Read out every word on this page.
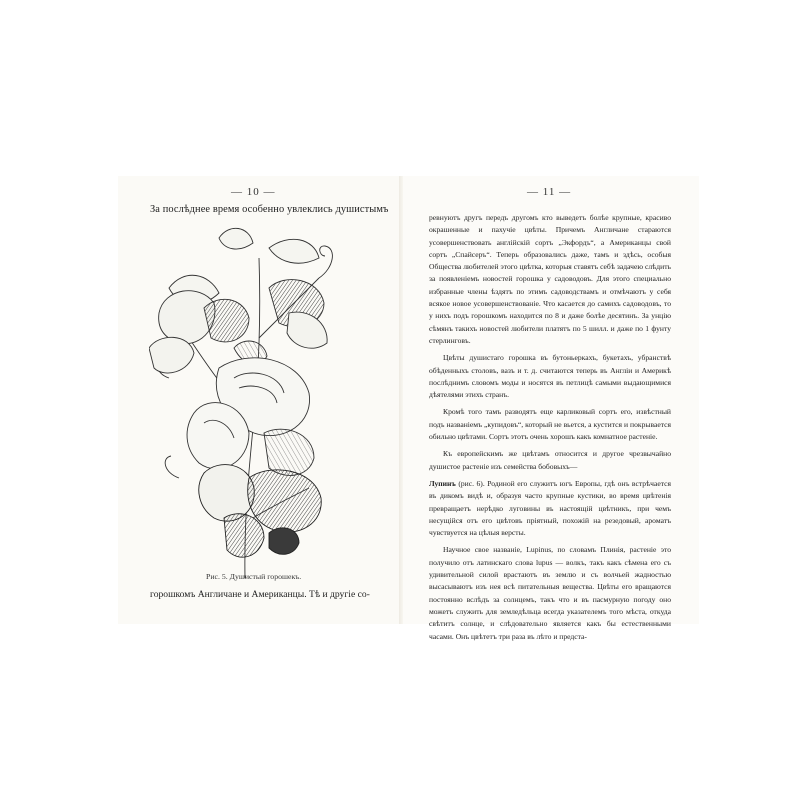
— 10 —
За послѣднее время особенно увлеклись душистымъ
Рис. 5. Душистый горошекъ.
горошкомъ Англичане и Американцы. Тѣ и другіе со-
— 11 —

ревнуютъ другъ передъ другомъ кто выведетъ болѣе крупные, красиво окрашенные и пахучіе цвѣты. Причемъ Англичане стараются усовершенствовать англійскій сортъ „Экфордъ“, а Американцы свой сортъ „Спайсеръ“. Теперь образовались даже, тамъ и здѣсь, особыя Общества любителей этого цвѣтка, которыя ставятъ себѣ задачею слѣдить за появленіемъ новостей горошка у садоводовъ. Для этого специально избранные члены ѣздятъ по этимъ садоводствамъ и отмѣчаютъ у себя всякое новое усовершенствованіе. Что касается до самихъ садоводовъ, то у нихъ подъ горошкомъ находится по 8 и даже болѣе десятинъ. За унцію сѣмянъ такихъ новостей любители платятъ по 5 шилл. и даже по 1 фунту стерлинговъ.

Цвѣты душистаго горошка въ бутоньеркахъ, букетахъ, убранствѣ обѣденныхъ столовъ, вазъ и т. д. считаются теперь въ Англіи и Америкѣ послѣднимъ словомъ моды и носятся въ петлицѣ самыми выдающимися дѣятелями этихъ странъ.

Кромѣ того тамъ разводятъ еще карликовый сортъ его, извѣстный подъ названіемъ „купидовъ“, который не вьется, а кустится и покрывается обильно цвѣтами. Сортъ этотъ очень хорошъ какъ комнатное растеніе.

Къ европейскимъ же цвѣтамъ относится и другое чрезвычайно душистое растеніе изъ семейства бобовыхъ—

Лупинъ (рис. 6). Родиной его служитъ югъ Европы, гдѣ онъ встрѣчается въ дикомъ видѣ и, образуя часто крупные кустики, во время цвѣтенія превращаетъ нерѣдко луговины въ настоящій цвѣтникъ, при чемъ несущійся отъ его цвѣтовъ пріятный, похожій на резедовый, ароматъ чувствуется на цѣлыя версты.

Научное свое названіе, Lupinus, по словамъ Плинія, растеніе это получило отъ латинскаго слова lupus — волкъ, такъ какъ сѣмена его съ удивительной силой врастаютъ въ землю и съ волчьей жадностью высасываютъ изъ нея всѣ питательныя вещества. Цвѣты его вращаются постоянно вслѣдъ за солнцемъ, такъ что и въ пасмурную погоду оно можетъ служить для земледѣльца всегда указателемъ того мѣста, откуда свѣтитъ солнце, и слѣдовательно является какъ бы естественными часами. Онъ цвѣтетъ три раза въ лѣто и предста-
